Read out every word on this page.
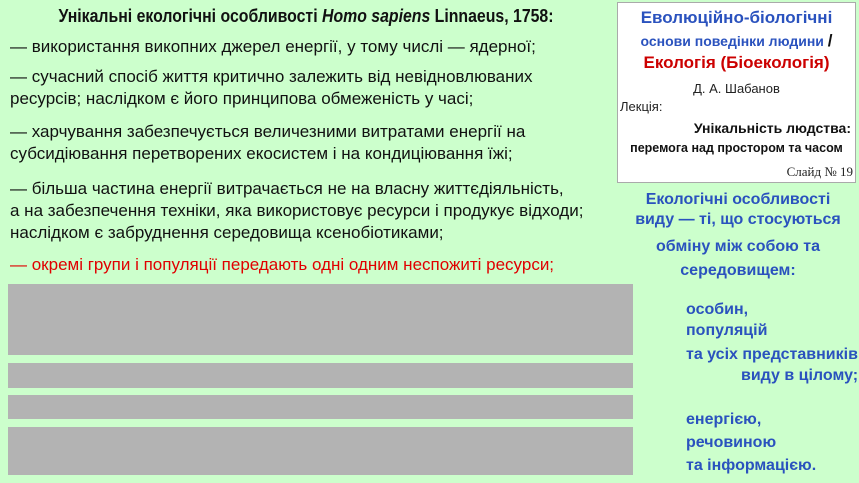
Унікальні екологічні особливості Homo sapiens Linnaeus, 1758:
— використання викопних джерел енергії, у тому числі — ядерної;
— сучасний спосіб життя критично залежить від невідновлюваних
ресурсів; наслідком є його принципова обмеженість у часі;
— харчування забезпечується величезними витратами енергії на
субсидіювання перетворених екосистем і на кондиціювання їжі;
— більша частина енергії витрачається не на власну життєдіяльність,
а на забезпечення техніки, яка використовує ресурси і продукує відходи;
наслідком є забруднення середовища ксенобіотиками;
— окремі групи і популяції передають одні одним неспожиті ресурси;
Еволюційно-біологічні
основи поведінки людини /
Екологія (Біоекологія)
Д. А. Шабанов
Лекція:
Унікальність людства:
перемога над простором та часом
Слайд № 19
Екологічні особливості
виду — ті, що стосуються
обміну між собою та
середовищем:
особин,
популяцій
та усіх представників
виду в цілому;
енергією,
речовиною
та інформацією.
